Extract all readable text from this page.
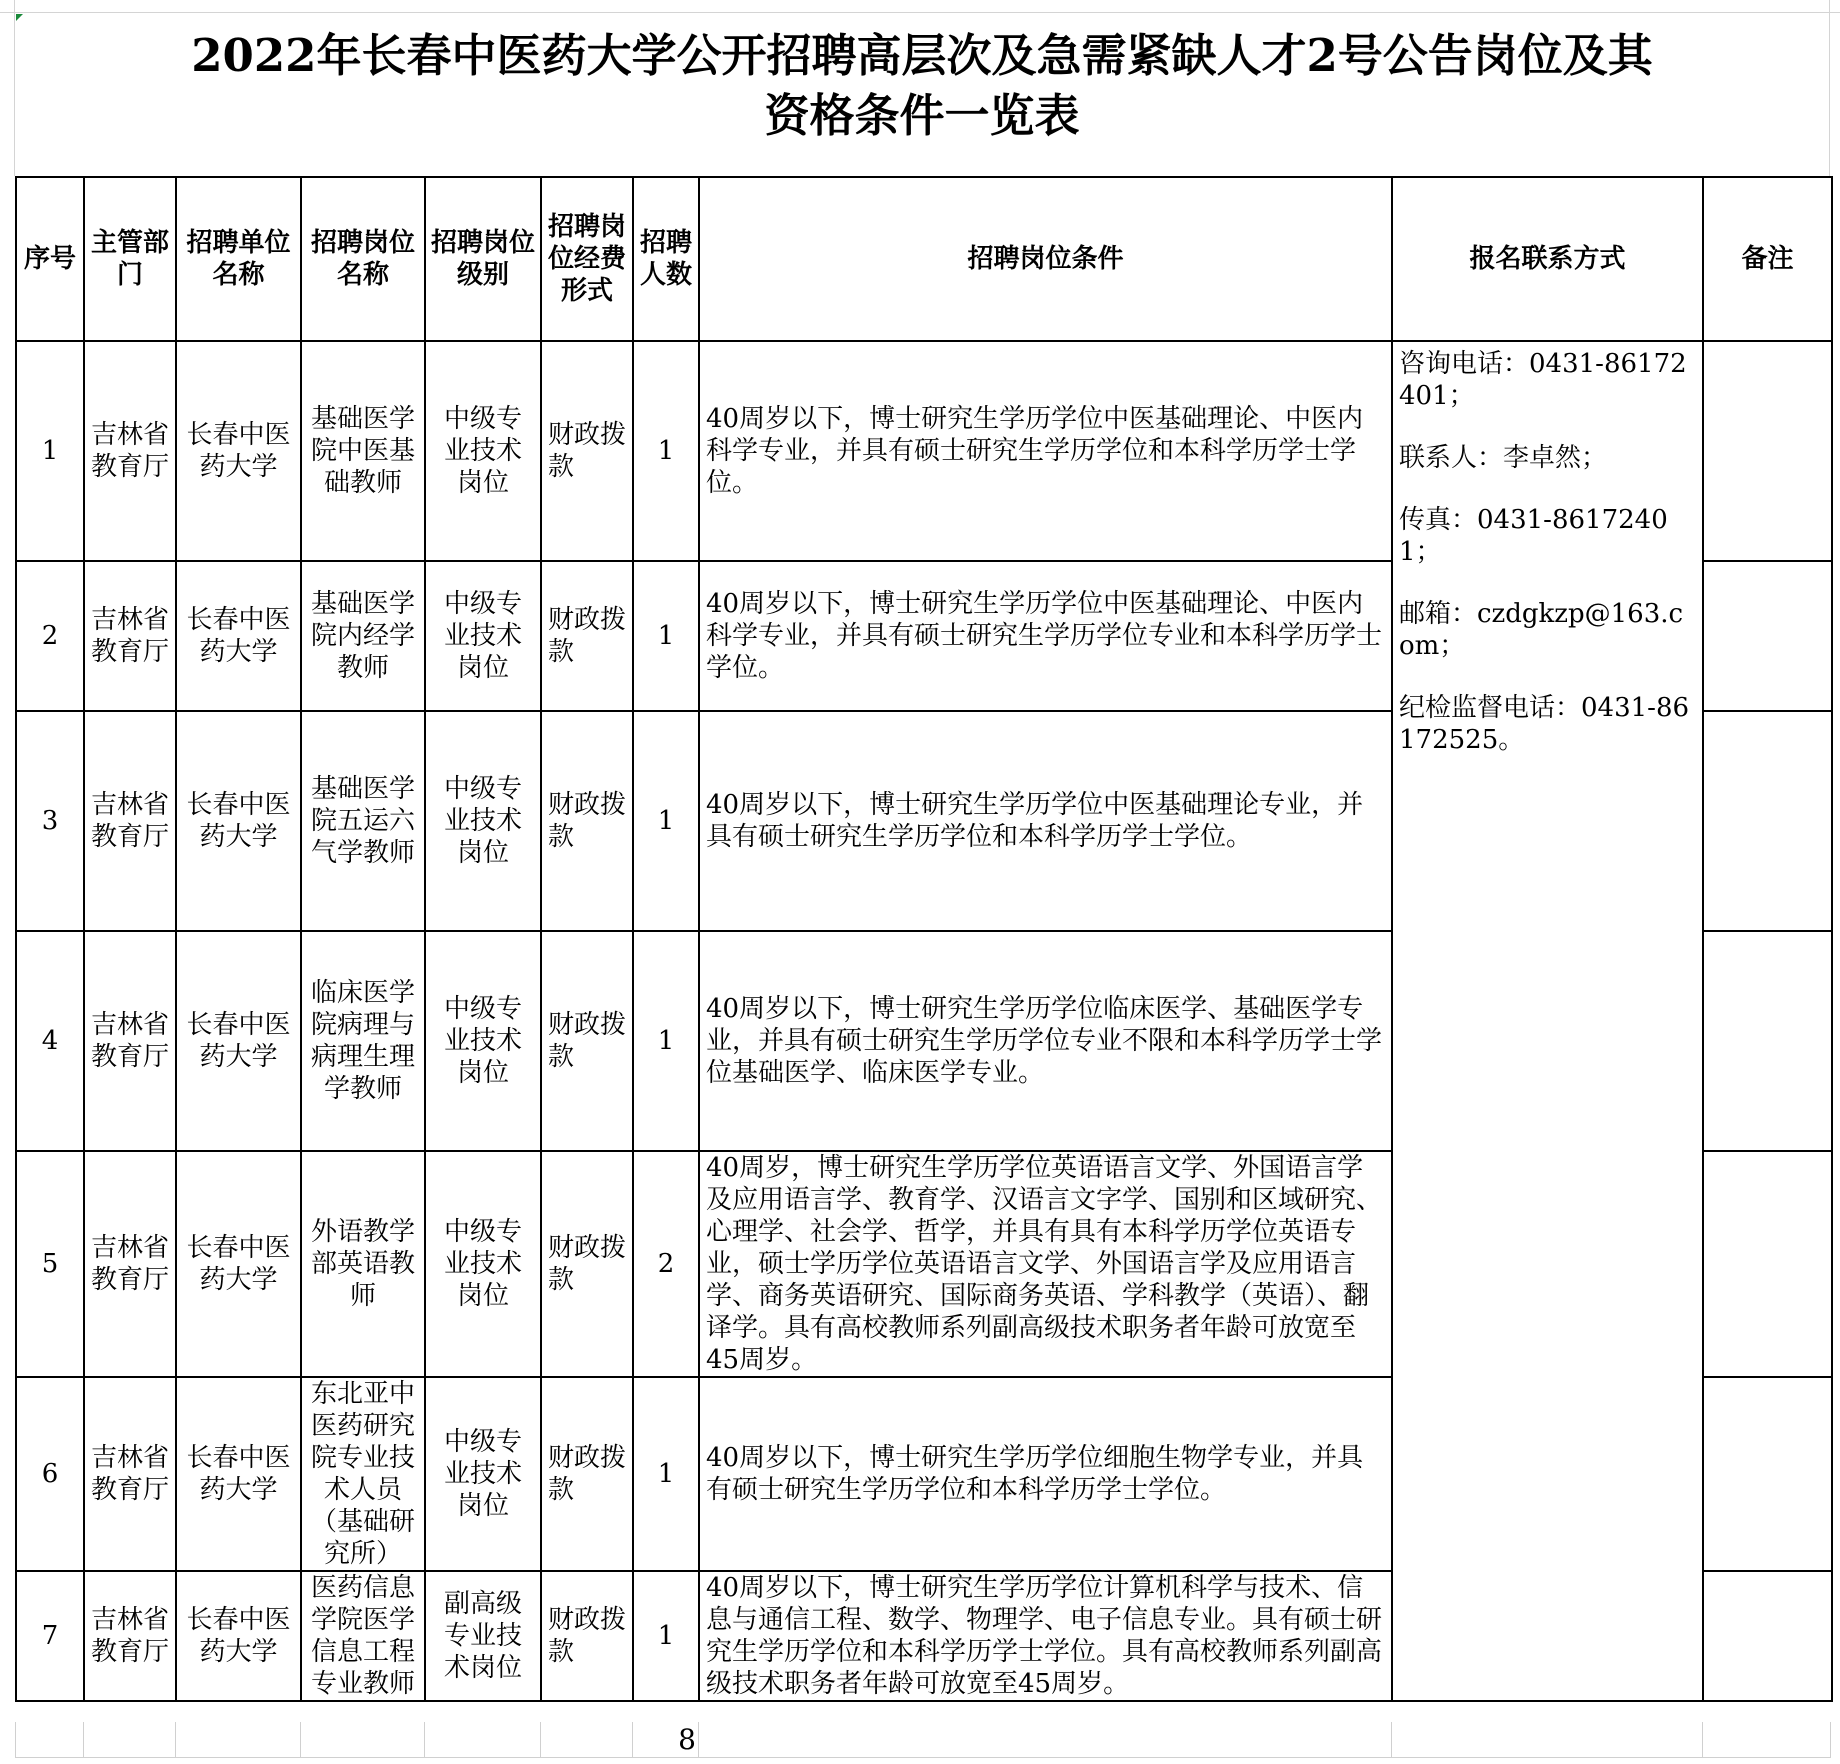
2022年长春中医药大学公开招聘高层次及急需紧缺人才2号公告岗位及其
资格条件一览表
序号	主管部门	招聘单位名称	招聘岗位名称	招聘岗位级别	招聘岗位经费形式	招聘人数	招聘岗位条件	报名联系方式	备注
1	吉林省教育厅	长春中医药大学	基础医学院中医基础教师	中级专业技术岗位	财政拨款	1	40周岁以下，博士研究生学历学位中医基础理论、中医内科学专业，并具有硕士研究生学历学位和本科学历学士学位。	咨询电话：0431-86172401；

联系人：李卓然；

传真：0431-86172401；

邮箱：czdgkzp@163.com；

纪检监督电话：0431-86172525。	

2	吉林省教育厅	长春中医药大学	基础医学院内经学教师	中级专业技术岗位	财政拨款	1	40周岁以下，博士研究生学历学位中医基础理论、中医内科学专业，并具有硕士研究生学历学位专业和本科学历学士学位。		
3	吉林省教育厅	长春中医药大学	基础医学院五运六气学教师	中级专业技术岗位	财政拨款	1	40周岁以下，博士研究生学历学位中医基础理论专业，并具有硕士研究生学历学位和本科学历学士学位。		
4	吉林省教育厅	长春中医药大学	临床医学院病理与病理生理学教师	中级专业技术岗位	财政拨款	1	40周岁以下，博士研究生学历学位临床医学、基础医学专业，并具有硕士研究生学历学位专业不限和本科学历学士学位基础医学、临床医学专业。		
5	吉林省教育厅	长春中医药大学	外语教学部英语教师	中级专业技术岗位	财政拨款	2	40周岁，博士研究生学历学位英语语言文学、外国语言学及应用语言学、教育学、汉语言文字学、国别和区域研究、心理学、社会学、哲学，并具有具有本科学历学位英语专业，硕士学历学位英语语言文学、外国语言学及应用语言学、商务英语研究、国际商务英语、学科教学（英语）、翻译学。具有高校教师系列副高级技术职务者年龄可放宽至45周岁。		
6	吉林省教育厅	长春中医药大学	东北亚中医药研究院专业技术人员（基础研究所）	中级专业技术岗位	财政拨款	1	40周岁以下，博士研究生学历学位细胞生物学专业，并具有硕士研究生学历学位和本科学历学士学位。		
7	吉林省教育厅	长春中医药大学	医药信息学院医学信息工程专业教师	副高级专业技术岗位	财政拨款	1	40周岁以下，博士研究生学历学位计算机科学与技术、信息与通信工程、数学、物理学、电子信息专业。具有硕士研究生学历学位和本科学历学士学位。具有高校教师系列副高级技术职务者年龄可放宽至45周岁。		
8
